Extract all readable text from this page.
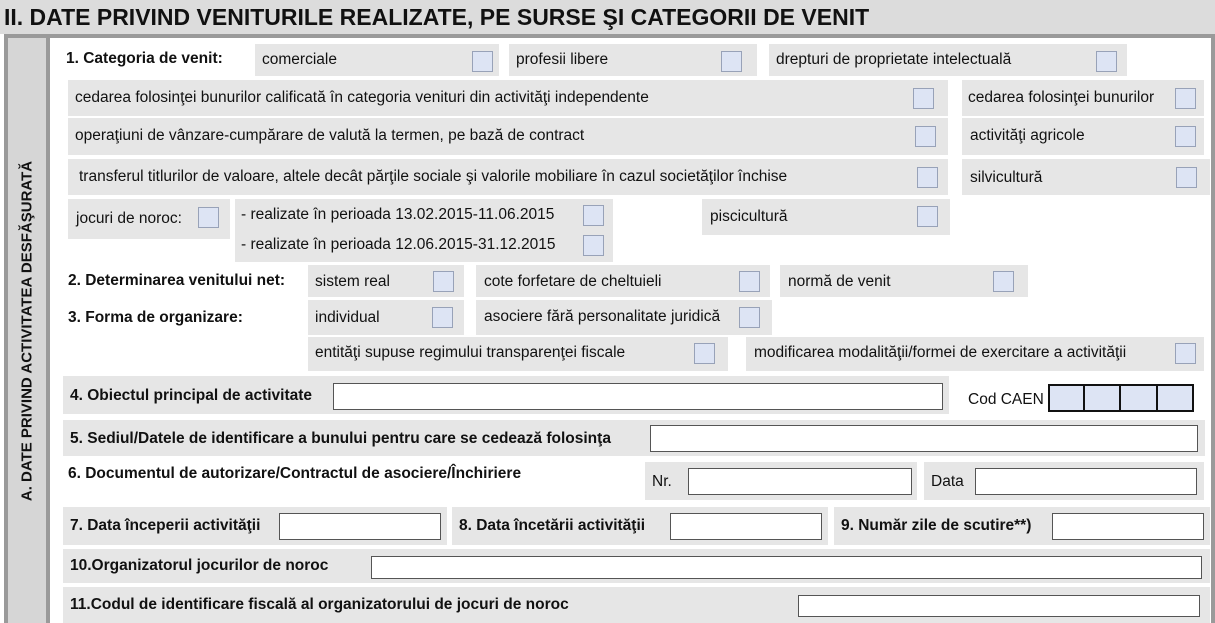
II. DATE PRIVIND VENITURILE REALIZATE, PE SURSE ŞI CATEGORII DE VENIT
A. DATE PRIVIND ACTIVITATEA DESFĂŞURATĂ
1. Categoria de venit:	comerciale	profesii libere	drepturi de proprietate intelectuală
cedarea folosinţei bunurilor calificată în categoria venituri din activităţi independente	cedarea folosinţei bunurilor
operaţiuni de vânzare-cumpărare de valută la termen, pe bază de contract	activităţi agricole
transferul titlurilor de valoare, altele decât părţile sociale şi valorile mobiliare în cazul societăţilor închise	silvicultură
jocuri de noroc:	- realizate în perioada 13.02.2015-11.06.2015
- realizate în perioada 12.06.2015-31.12.2015
piscicultură
2. Determinarea venitului net: sistem real	cote forfetare de cheltuieli	normă de venit
3. Forma de organizare:	individual	asociere fără personalitate juridică
entităţi supuse regimului transparenţei fiscale	modificarea modalităţii/formei de exercitare a activităţii
4. Obiectul principal de activitate	Cod CAEN
5. Sediul/Datele de identificare a bunului pentru care se cedează folosinţa
6. Documentul de autorizare/Contractul de asociere/Închiriere	Nr.	Data
7. Data începerii activităţii	8. Data încetării activităţii	9. Număr zile de scutire**)
10.Organizatorul jocurilor de noroc
11.Codul de identificare fiscală al organizatorului de jocuri de noroc
